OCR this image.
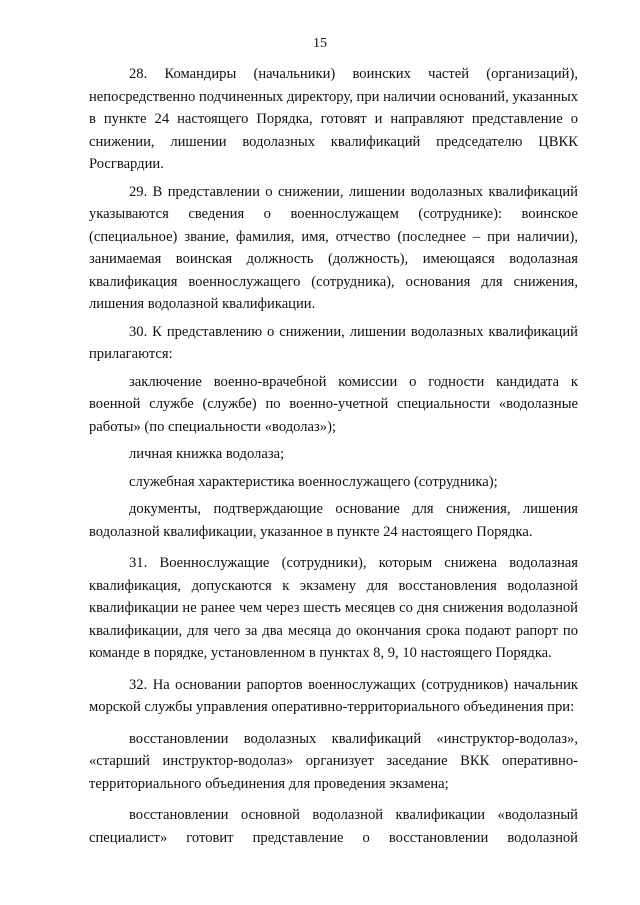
15

28. Командиры (начальники) воинских частей (организаций), непосредственно подчиненных директору, при наличии оснований, указанных в пункте 24 настоящего Порядка, готовят и направляют представление о снижении, лишении водолазных квалификаций председателю ЦВКК Росгвардии.

29. В представлении о снижении, лишении водолазных квалификаций указываются сведения о военнослужащем (сотруднике): воинское (специальное) звание, фамилия, имя, отчество (последнее – при наличии), занимаемая воинская должность (должность), имеющаяся водолазная квалификация военнослужащего (сотрудника), основания для снижения, лишения водолазной квалификации.

30. К представлению о снижении, лишении водолазных квалификаций прилагаются:

заключение военно-врачебной комиссии о годности кандидата к военной службе (службе) по военно-учетной специальности «водолазные работы» (по специальности «водолаз»);

личная книжка водолаза;

служебная характеристика военнослужащего (сотрудника);

документы, подтверждающие основание для снижения, лишения водолазной квалификации, указанное в пункте 24 настоящего Порядка.

31. Военнослужащие (сотрудники), которым снижена водолазная квалификация, допускаются к экзамену для восстановления водолазной квалификации не ранее чем через шесть месяцев со дня снижения водолазной квалификации, для чего за два месяца до окончания срока подают рапорт по команде в порядке, установленном в пунктах 8, 9, 10 настоящего Порядка.

32. На основании рапортов военнослужащих (сотрудников) начальник морской службы управления оперативно-территориального объединения при:

восстановлении водолазных квалификаций «инструктор-водолаз», «старший инструктор-водолаз» организует заседание ВКК оперативно-территориального объединения для проведения экзамена;

восстановлении основной водолазной квалификации «водолазный специалист» готовит представление о восстановлении водолазной
